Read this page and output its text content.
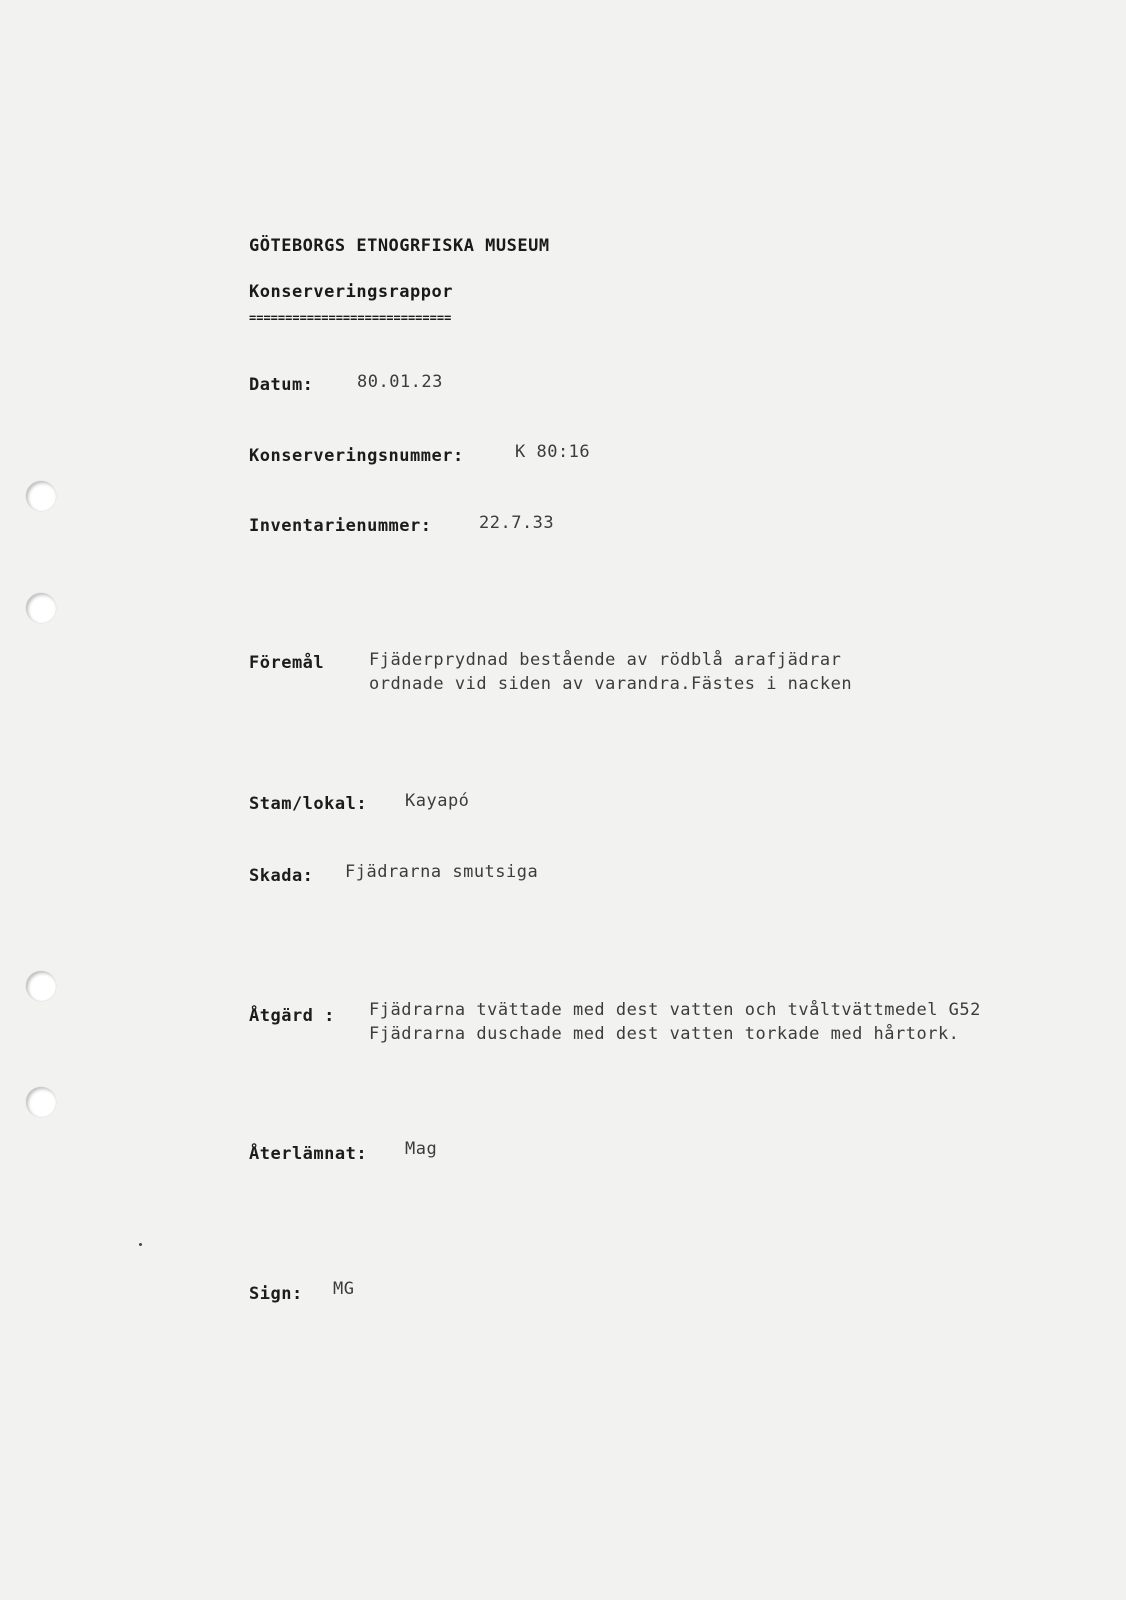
GÖTEBORGS ETNOGRFISKA MUSEUM
Konserveringsrappor
============================
Datum:	80.01.23
Konserveringsnummer:	K 80:16
Inventarienummer:	22.7.33
Föremål	Fjäderprydnad bestående av rödblå arafjädrar
ordnade vid siden av varandra.Fästes i nacken
Stam/lokal: Kayapó
Skada: Fjädrarna smutsiga
Åtgärd : Fjädrarna tvättade med dest vatten och tvåltvättmedel G52
Fjädrarna duschade med dest vatten torkade med hårtork.
Återlämnat: Mag
Sign: MG
